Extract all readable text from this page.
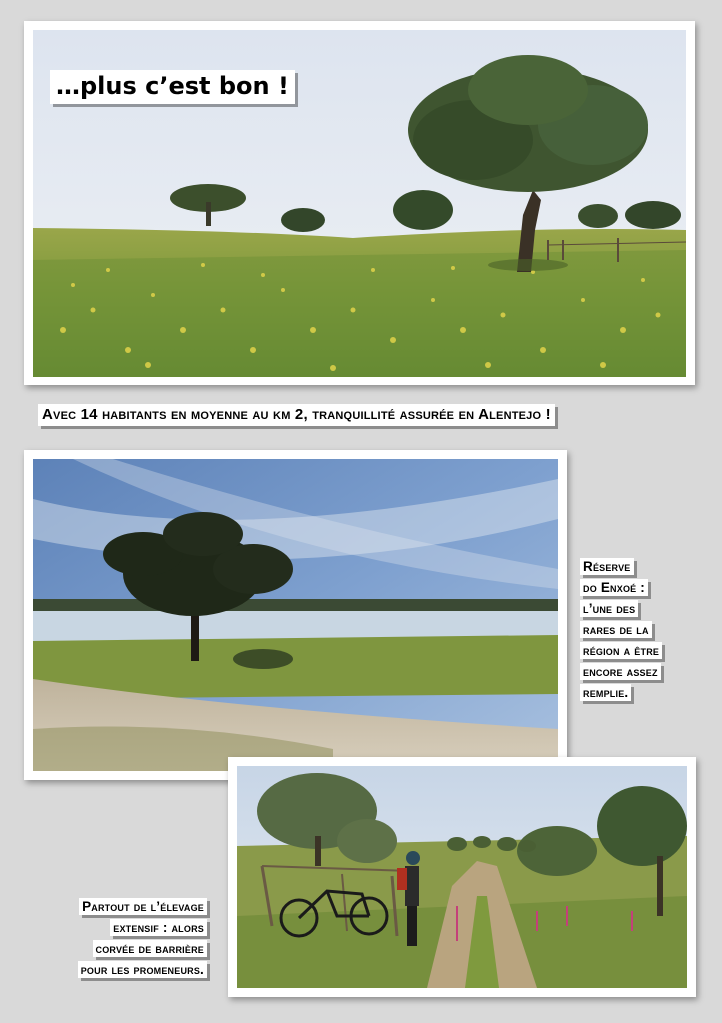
…plus c’est bon !
Avec 14 habitants en moyenne au km 2, tranquillité assurée en Alentejo !
Réserve
do Enxoé :
l’une des
rares de la
région a être
encore assez
remplie.
Partout de l’élevage
extensif : alors
corvée de barrière
pour les promeneurs.
